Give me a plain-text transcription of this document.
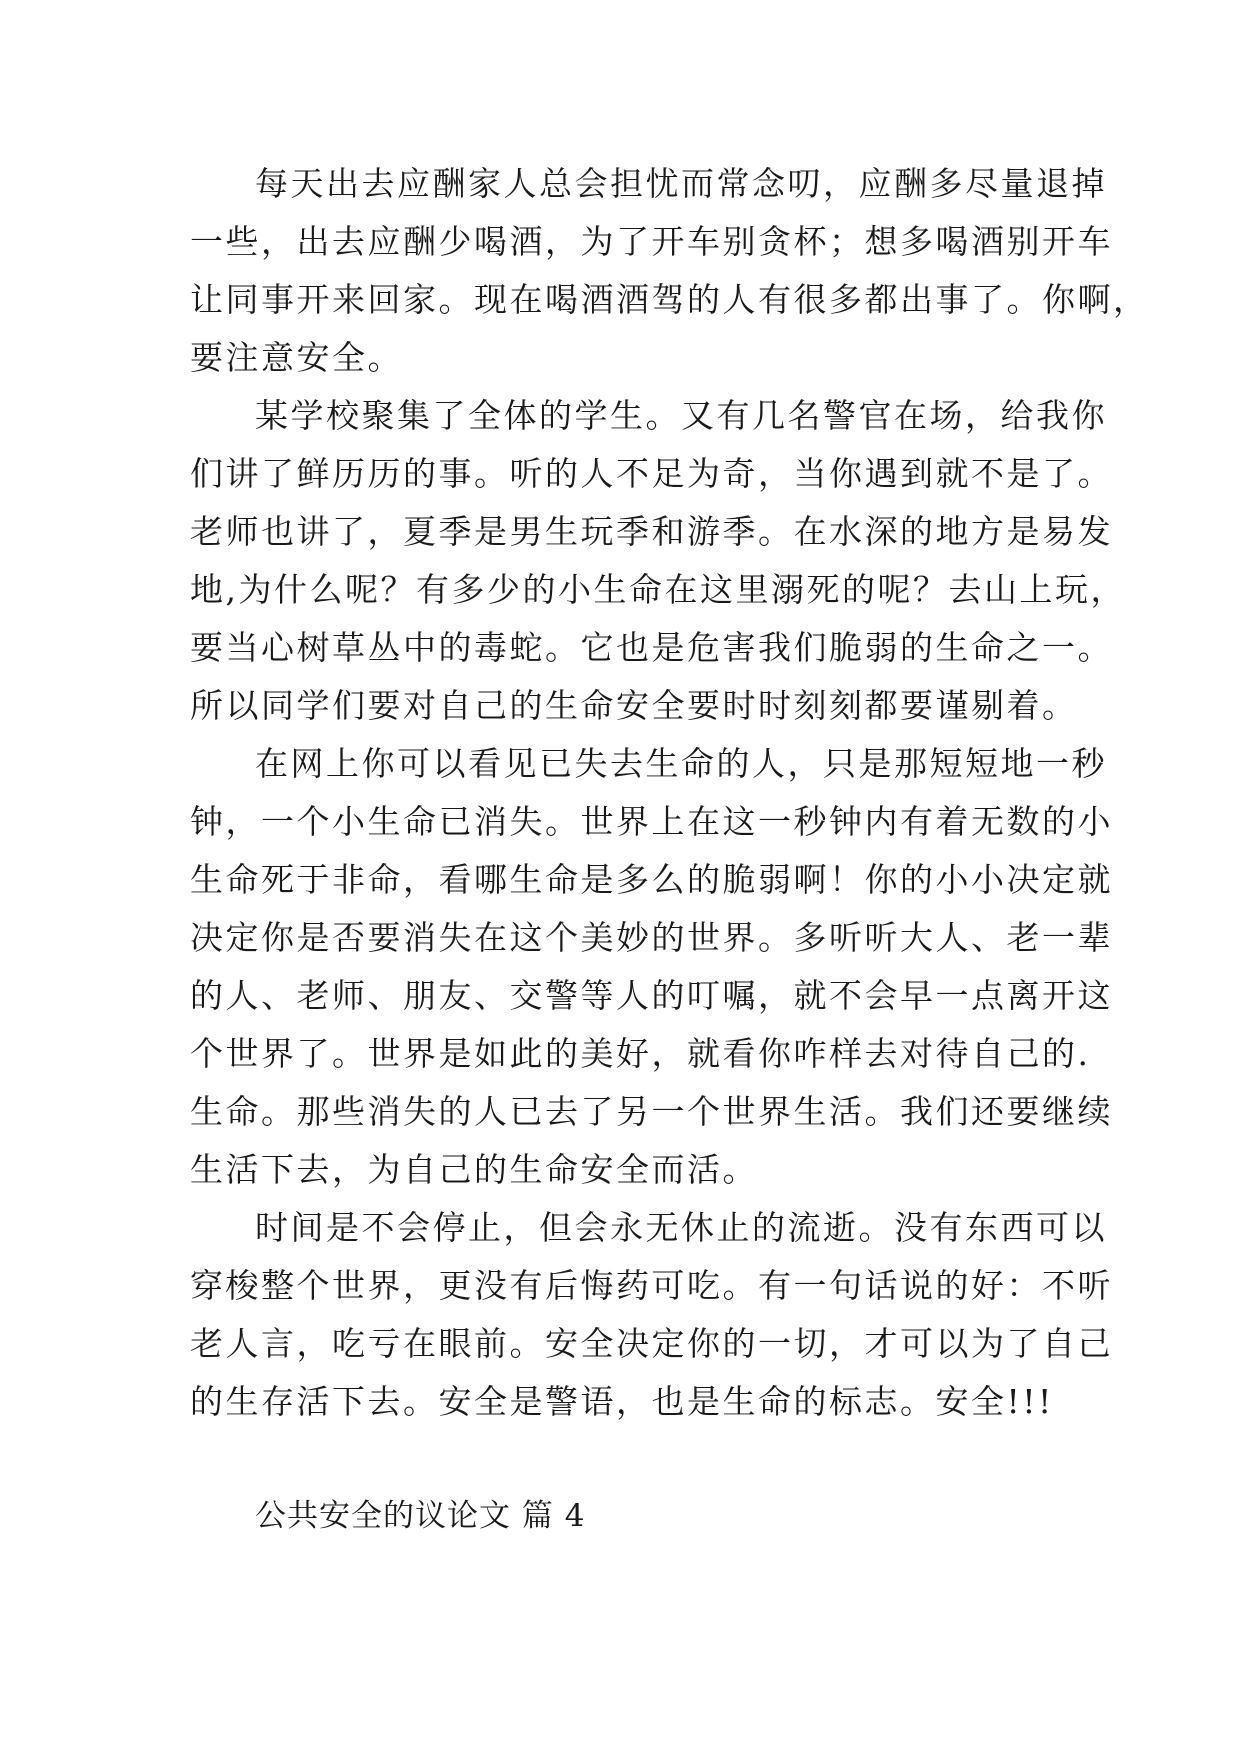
每天出去应酬家人总会担忧而常念叨，应酬多尽量退掉
一些，出去应酬少喝酒，为了开车别贪杯；想多喝酒别开车
让同事开来回家。现在喝酒酒驾的人有很多都出事了。你啊，
要注意安全。
某学校聚集了全体的学生。又有几名警官在场，给我你
们讲了鲜历历的事。听的人不足为奇，当你遇到就不是了。
老师也讲了，夏季是男生玩季和游季。在水深的地方是易发
地,为什么呢？有多少的小生命在这里溺死的呢？去山上玩，
要当心树草丛中的毒蛇。它也是危害我们脆弱的生命之一。
所以同学们要对自己的生命安全要时时刻刻都要谨剔着。
在网上你可以看见已失去生命的人，只是那短短地一秒
钟，一个小生命已消失。世界上在这一秒钟内有着无数的小
生命死于非命，看哪生命是多么的脆弱啊！你的小小决定就
决定你是否要消失在这个美妙的世界。多听听大人、老一辈
的人、老师、朋友、交警等人的叮嘱，就不会早一点离开这
个世界了。世界是如此的美好，就看你咋样去对待自己的.
生命。那些消失的人已去了另一个世界生活。我们还要继续
生活下去，为自己的生命安全而活。
时间是不会停止，但会永无休止的流逝。没有东西可以
穿梭整个世界，更没有后悔药可吃。有一句话说的好：不听
老人言，吃亏在眼前。安全决定你的一切，才可以为了自己
的生存活下去。安全是警语，也是生命的标志。安全!!!
公共安全的议论文 篇 4
